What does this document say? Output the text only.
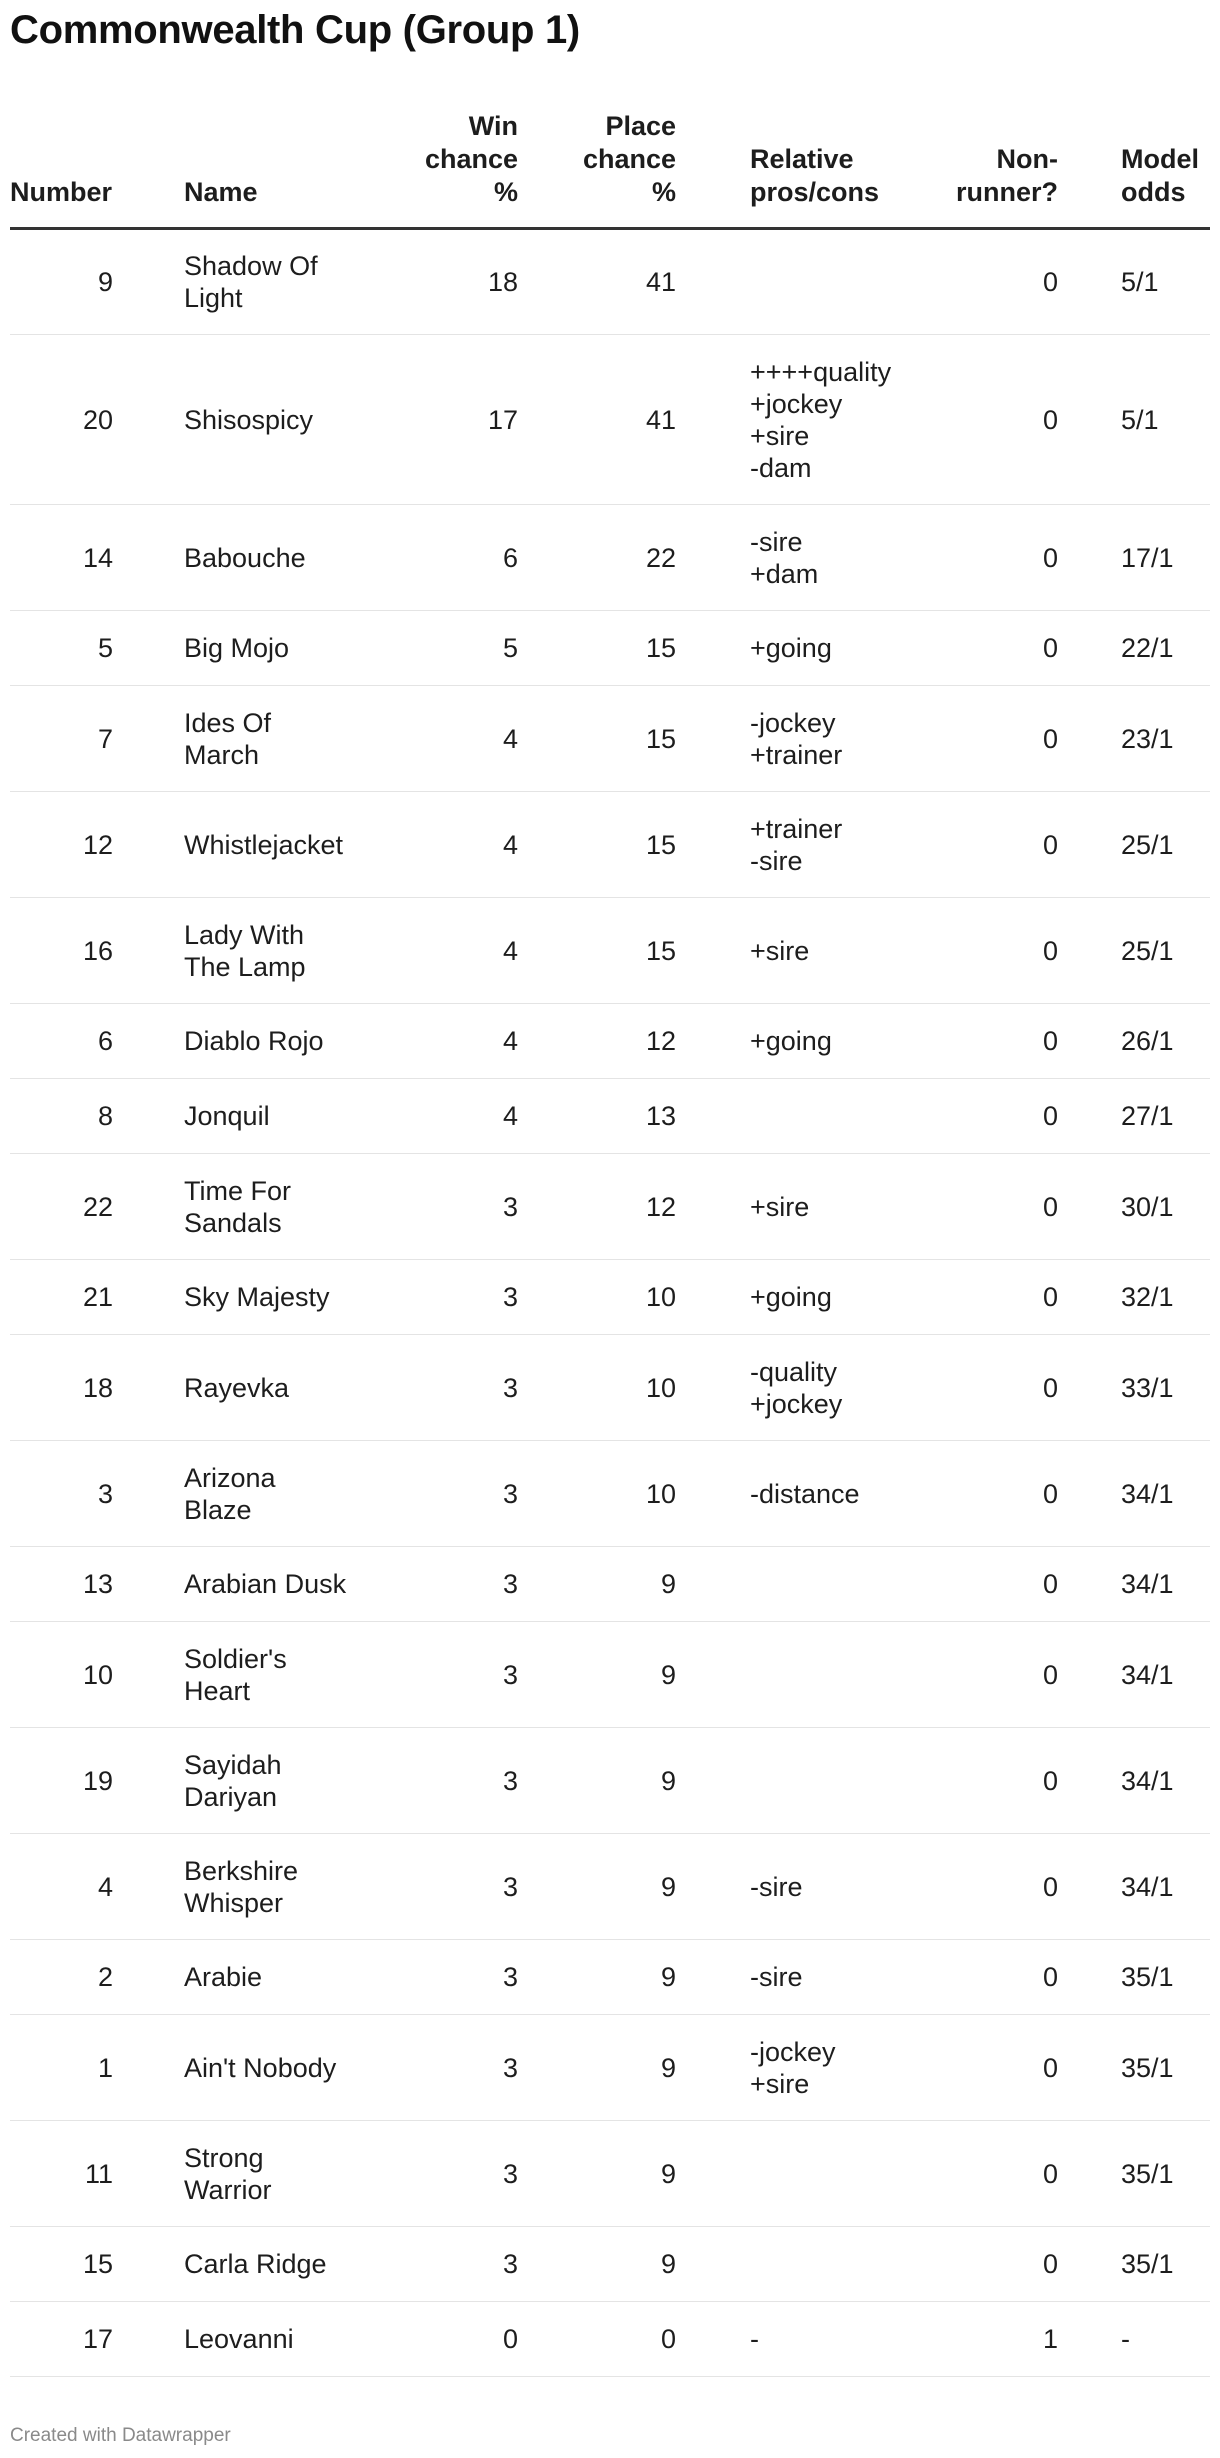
Commonwealth Cup (Group 1)
Number	Name	Win
chance
%	Place
chance
%	Relative
pros/cons	Non-
runner?	Model
odds
9	Shadow Of
Light	18	41		0	5/1
20	Shisospicy	17	41	++++quality
+jockey
+sire
-dam	0	5/1
14	Babouche	6	22	-sire
+dam	0	17/1
5	Big Mojo	5	15	+going	0	22/1
7	Ides Of
March	4	15	-jockey
+trainer	0	23/1
12	Whistlejacket	4	15	+trainer
-sire	0	25/1
16	Lady With
The Lamp	4	15	+sire	0	25/1
6	Diablo Rojo	4	12	+going	0	26/1
8	Jonquil	4	13		0	27/1
22	Time For
Sandals	3	12	+sire	0	30/1
21	Sky Majesty	3	10	+going	0	32/1
18	Rayevka	3	10	-quality
+jockey	0	33/1
3	Arizona
Blaze	3	10	-distance	0	34/1
13	Arabian Dusk	3	9		0	34/1
10	Soldier's
Heart	3	9		0	34/1
19	Sayidah
Dariyan	3	9		0	34/1
4	Berkshire
Whisper	3	9	-sire	0	34/1
2	Arabie	3	9	-sire	0	35/1
1	Ain't Nobody	3	9	-jockey
+sire	0	35/1
11	Strong
Warrior	3	9		0	35/1
15	Carla Ridge	3	9		0	35/1
17	Leovanni	0	0	-	1	-
Created with Datawrapper
